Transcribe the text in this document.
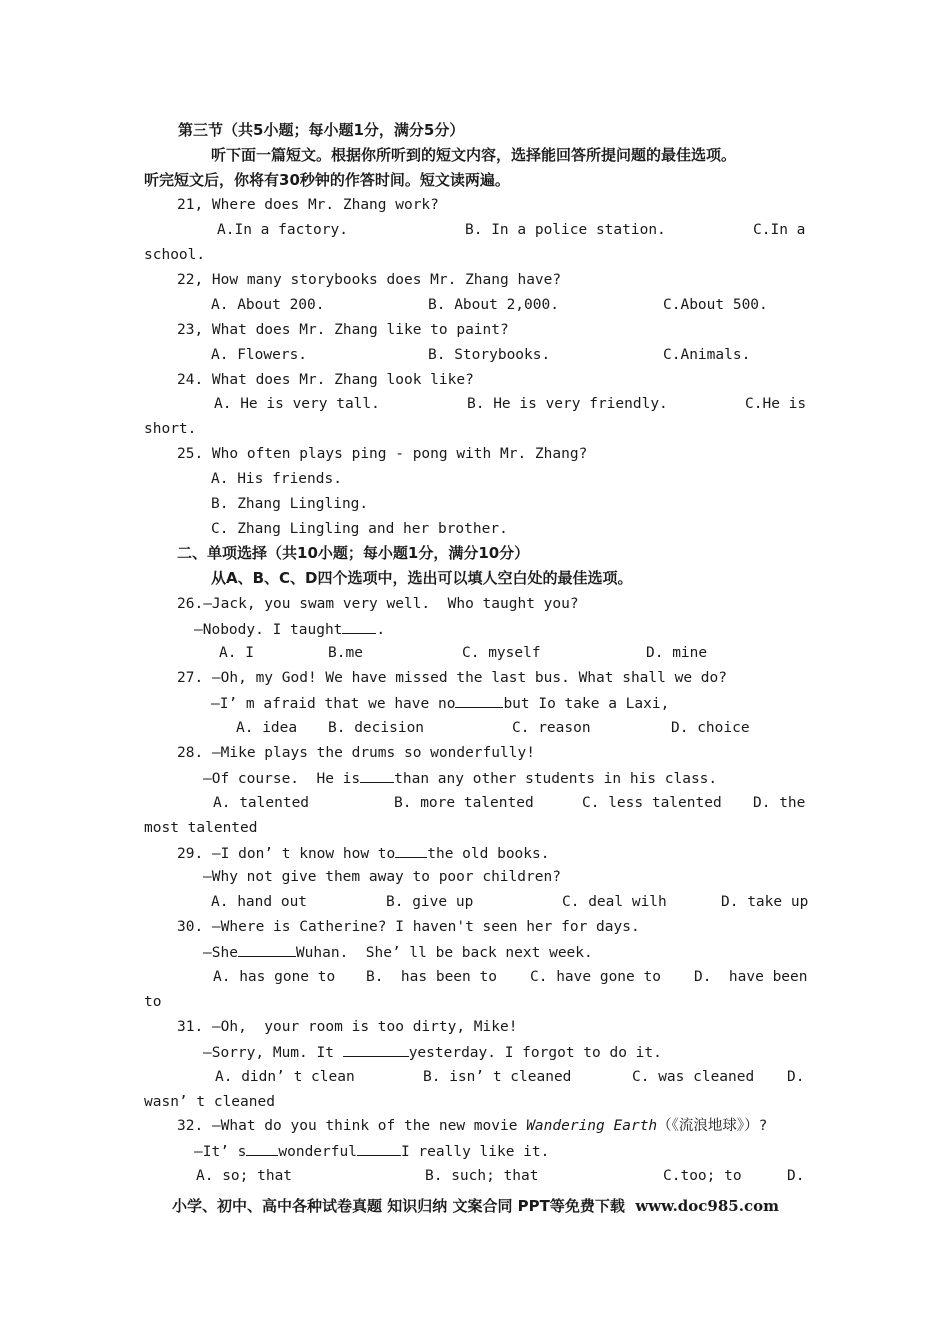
第三节（共5小题；每小题1分，满分5分）
听下面一篇短文。根据你所听到的短文内容，选择能回答所提问题的最佳选项。
听完短文后，你将有30秒钟的作答时间。短文读两遍。
21, Where does Mr. Zhang work?
A.In a factory.	B. In a police station.	C.In a
school.
22, How many storybooks does Mr. Zhang have?
A. About 200.	B. About 2,000.	C.About 500.
23, What does Mr. Zhang like to paint?
A. Flowers.	B. Storybooks.	C.Animals.
24. What does Mr. Zhang look like?
A. He is very tall.	B. He is very friendly.	C.He is
short.
25. Who often plays ping - pong with Mr. Zhang?
A. His friends.
B. Zhang Lingling.
C. Zhang Lingling and her brother.
二、单项选择（共10小题；每小题1分，满分10分）
从A、B、C、D四个选项中，选出可以填人空白处的最佳选项。
26.—Jack, you swam very well.  Who taught you?
—Nobody. I taught .
A. I	B.me	C. myself	D. mine
27. —Oh, my God! We have missed the last bus. What shall we do?
—I’ m afraid that we have no	but Io take a Laxi,
A. idea B. decision	C. reason	D. choice
28. —Mike plays the drums so wonderfully!
—Of course.  He is than any other students in his class.
A. talented	B. more talented	C. less talented D. the
most talented
29. —I don’ t know how to the old books.
—Why not give them away to poor children?
A. hand out	B. give up	C. deal wilh	D. take up
30. —Where is Catherine? I haven't seen her for days.
—She	Wuhan.  She’ ll be back next week.
A. has gone to B.  has been to C. have gone to D.  have been
to
31. —Oh,  your room is too dirty, Mike!
—Sorry, Mum. It	yesterday. I forgot to do it.
A. didn’ t clean	B. isn’ t cleaned	C. was cleaned D.
wasn’ t cleaned
32. —What do you think of the new movie Wandering Earth（《流浪地球》）?
—It’ s wonderful	I really like it.
A. so; that	B. such; that	C.too; to	D.
小学、初中、高中各种试卷真题 知识归纳 文案合同 PPT等免费下载 www.doc985.com
